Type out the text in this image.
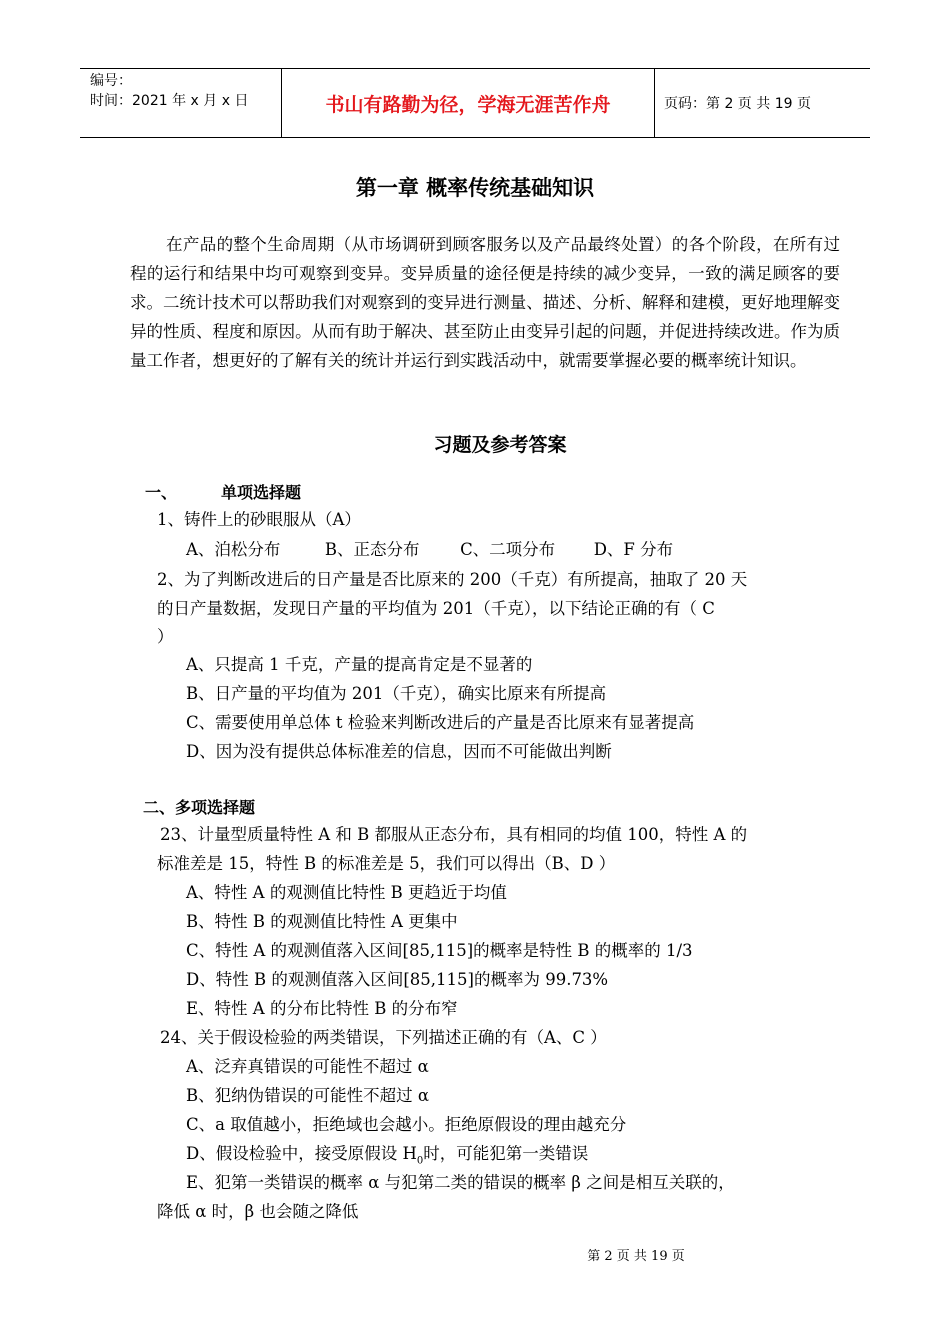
编号：
时间：2021 年 x 月 x 日	书山有路勤为径，学海无涯苦作舟	页码：第 2 页 共 19 页
第一章 概率传统基础知识
在产品的整个生命周期（从市场调研到顾客服务以及产品最终处置）的各个阶段，在所有过程的运行和结果中均可观察到变异。变异质量的途径便是持续的减少变异，一致的满足顾客的要求。二统计技术可以帮助我们对观察到的变异进行测量、描述、分析、解释和建模，更好地理解变异的性质、程度和原因。从而有助于解决、甚至防止由变异引起的问题，并促进持续改进。作为质量工作者，想更好的了解有关的统计并运行到实践活动中，就需要掌握必要的概率统计知识。
习题及参考答案
一、	单项选择题
1、铸件上的砂眼服从（A）
A、泊松分布	B、正态分布 C、二项分布 D、F 分布
2、为了判断改进后的日产量是否比原来的 200（千克）有所提高，抽取了 20 天
的日产量数据，发现日产量的平均值为 201（千克），以下结论正确的有（ C
）
A、只提高 1 千克，产量的提高肯定是不显著的
B、日产量的平均值为 201（千克），确实比原来有所提高
C、需要使用单总体 t 检验来判断改进后的产量是否比原来有显著提高
D、因为没有提供总体标准差的信息，因而不可能做出判断
二、多项选择题
23、计量型质量特性 A 和 B 都服从正态分布，具有相同的均值 100，特性 A 的
标准差是 15，特性 B 的标准差是 5，我们可以得出（B、D ）
A、特性 A 的观测值比特性 B 更趋近于均值
B、特性 B 的观测值比特性 A 更集中
C、特性 A 的观测值落入区间[85,115]的概率是特性 B 的概率的 1/3
D、特性 B 的观测值落入区间[85,115]的概率为 99.73%
E、特性 A 的分布比特性 B 的分布窄
24、关于假设检验的两类错误，下列描述正确的有（A、C ）
A、泛弃真错误的可能性不超过 α
B、犯纳伪错误的可能性不超过 α
C、a 取值越小，拒绝域也会越小。拒绝原假设的理由越充分
D、假设检验中，接受原假设 $H_0$时，可能犯第一类错误
E、犯第一类错误的概率 α 与犯第二类的错误的概率 β 之间是相互关联的，
降低 α 时，β 也会随之降低
第 2 页 共 19 页
